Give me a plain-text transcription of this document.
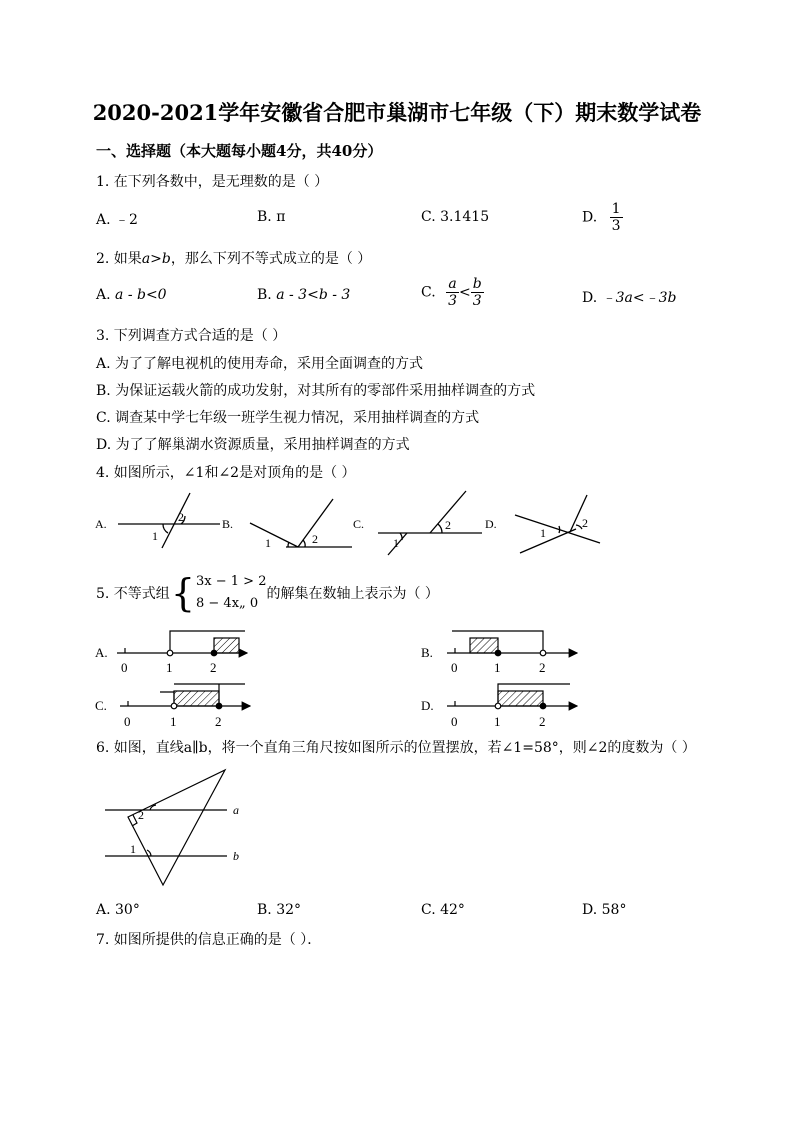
2020-2021学年安徽省合肥市巢湖市七年级（下）期末数学试卷
一、选择题（本大题每小题4分，共40分）
1. 在下列各数中，是无理数的是（ ）
A. ﹣2	B. π	C. 3.1415	D. $\frac{1}{3}$
2. 如果a>b，那么下列不等式成立的是（ ）
A. a - b<0	B. a - 3<b - 3	C. $\frac{a}{3} < \frac{b}{3}$	D. ﹣3a<﹣3b
3. 下列调查方式合适的是（ ）
A. 为了了解电视机的使用寿命，采用全面调查的方式
B. 为保证运载火箭的成功发射，对其所有的零部件采用抽样调查的方式
C. 调查某中学七年级一班学生视力情况，采用抽样调查的方式
D. 为了了解巢湖水资源质量，采用抽样调查的方式
4. 如图所示，∠1和∠2是对顶角的是（ ）
A.	B.	C.	D.
1
2
1	2	1
2
1
2
5. 不等式组 { 3x − 1 > 2
8 − 4x„ 0
的解集在数轴上表示为（ ）
A.	B.
C.	D.
0	1	2	0	1	2
0	1	2	0	1	2
6. 如图，直线a∥b，将一个直角三角尺按如图所示的位置摆放，若∠1=58°，则∠2的度数为（ ）
a
b
2
1
A. 30°	B. 32°	C. 42°	D. 58°
7. 如图所提供的信息正确的是（ ）．
